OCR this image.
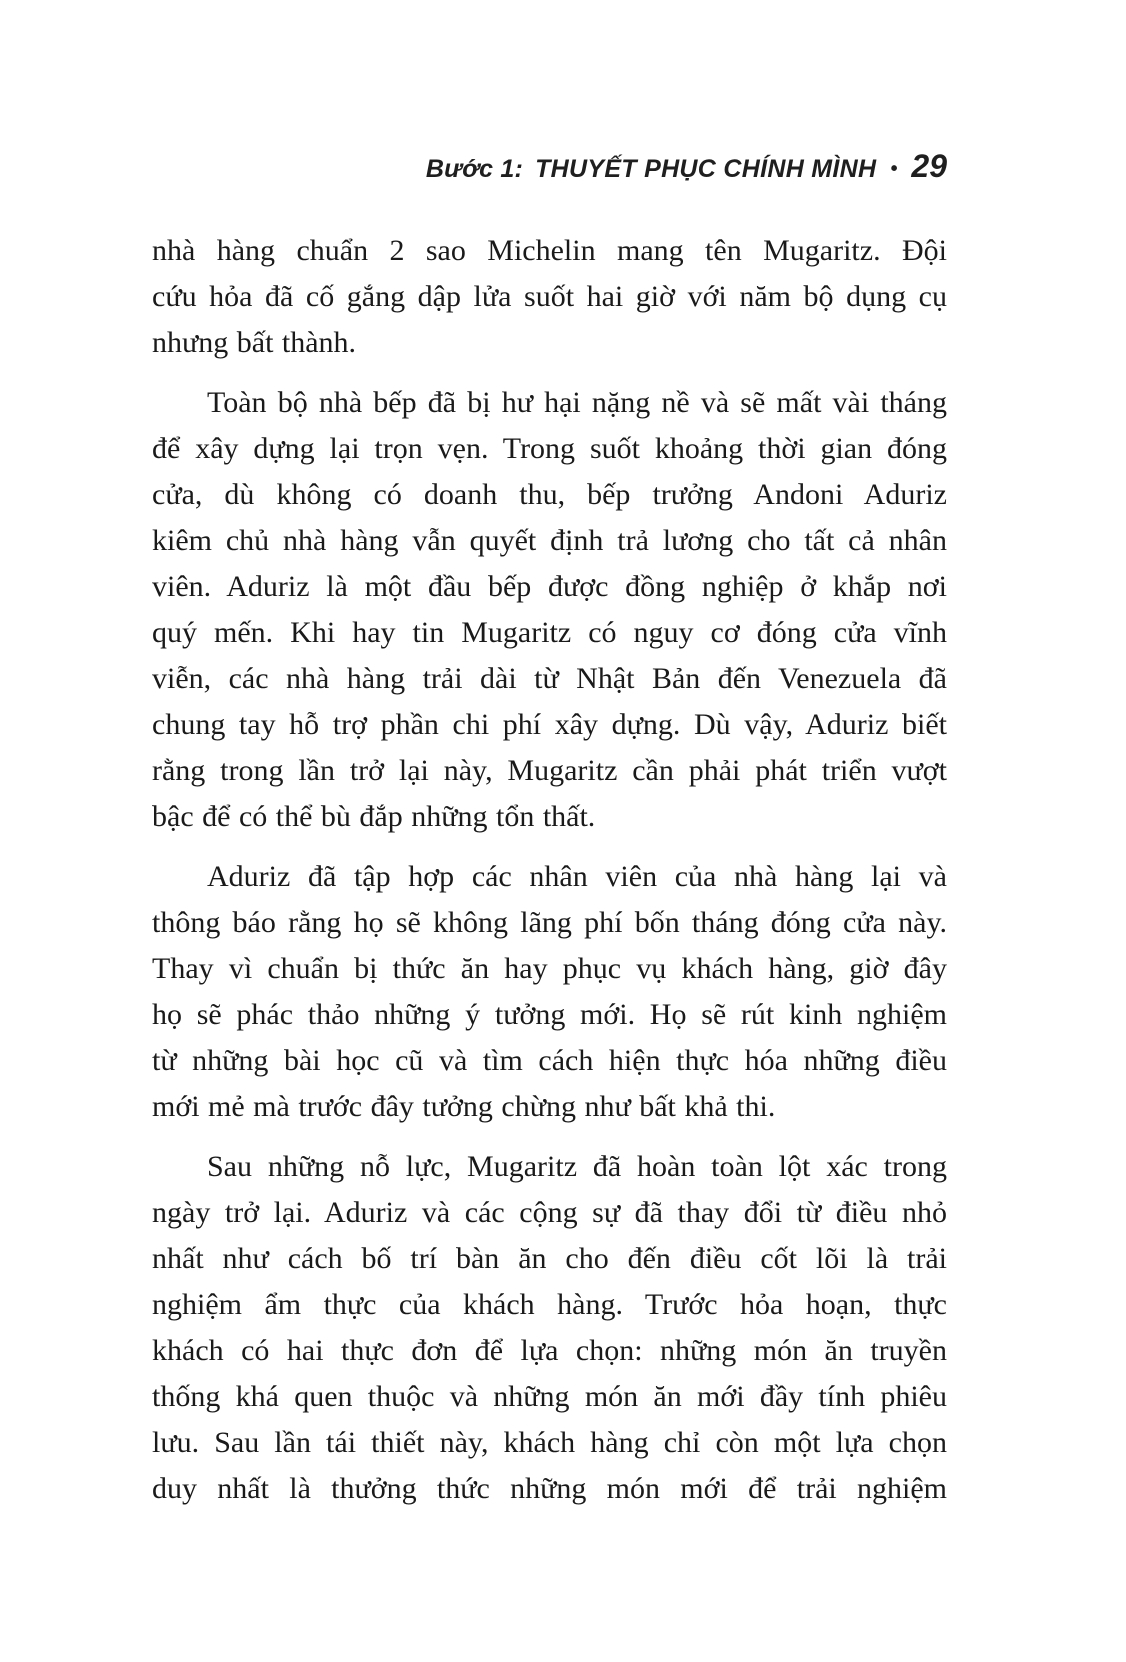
Bước 1: THUYẾT PHỤC CHÍNH MÌNH • 29

nhà hàng chuẩn 2 sao Michelin mang tên Mugaritz. Đội
cứu hỏa đã cố gắng dập lửa suốt hai giờ với năm bộ dụng cụ
nhưng bất thành.

Toàn bộ nhà bếp đã bị hư hại nặng nề và sẽ mất vài tháng
để xây dựng lại trọn vẹn. Trong suốt khoảng thời gian đóng
cửa, dù không có doanh thu, bếp trưởng Andoni Aduriz
kiêm chủ nhà hàng vẫn quyết định trả lương cho tất cả nhân
viên. Aduriz là một đầu bếp được đồng nghiệp ở khắp nơi
quý mến. Khi hay tin Mugaritz có nguy cơ đóng cửa vĩnh
viễn, các nhà hàng trải dài từ Nhật Bản đến Venezuela đã
chung tay hỗ trợ phần chi phí xây dựng. Dù vậy, Aduriz biết
rằng trong lần trở lại này, Mugaritz cần phải phát triển vượt
bậc để có thể bù đắp những tổn thất.

Aduriz đã tập hợp các nhân viên của nhà hàng lại và
thông báo rằng họ sẽ không lãng phí bốn tháng đóng cửa này.
Thay vì chuẩn bị thức ăn hay phục vụ khách hàng, giờ đây
họ sẽ phác thảo những ý tưởng mới. Họ sẽ rút kinh nghiệm
từ những bài học cũ và tìm cách hiện thực hóa những điều
mới mẻ mà trước đây tưởng chừng như bất khả thi.

Sau những nỗ lực, Mugaritz đã hoàn toàn lột xác trong
ngày trở lại. Aduriz và các cộng sự đã thay đổi từ điều nhỏ
nhất như cách bố trí bàn ăn cho đến điều cốt lõi là trải
nghiệm ẩm thực của khách hàng. Trước hỏa hoạn, thực
khách có hai thực đơn để lựa chọn: những món ăn truyền
thống khá quen thuộc và những món ăn mới đầy tính phiêu
lưu. Sau lần tái thiết này, khách hàng chỉ còn một lựa chọn
duy nhất là thưởng thức những món mới để trải nghiệm
